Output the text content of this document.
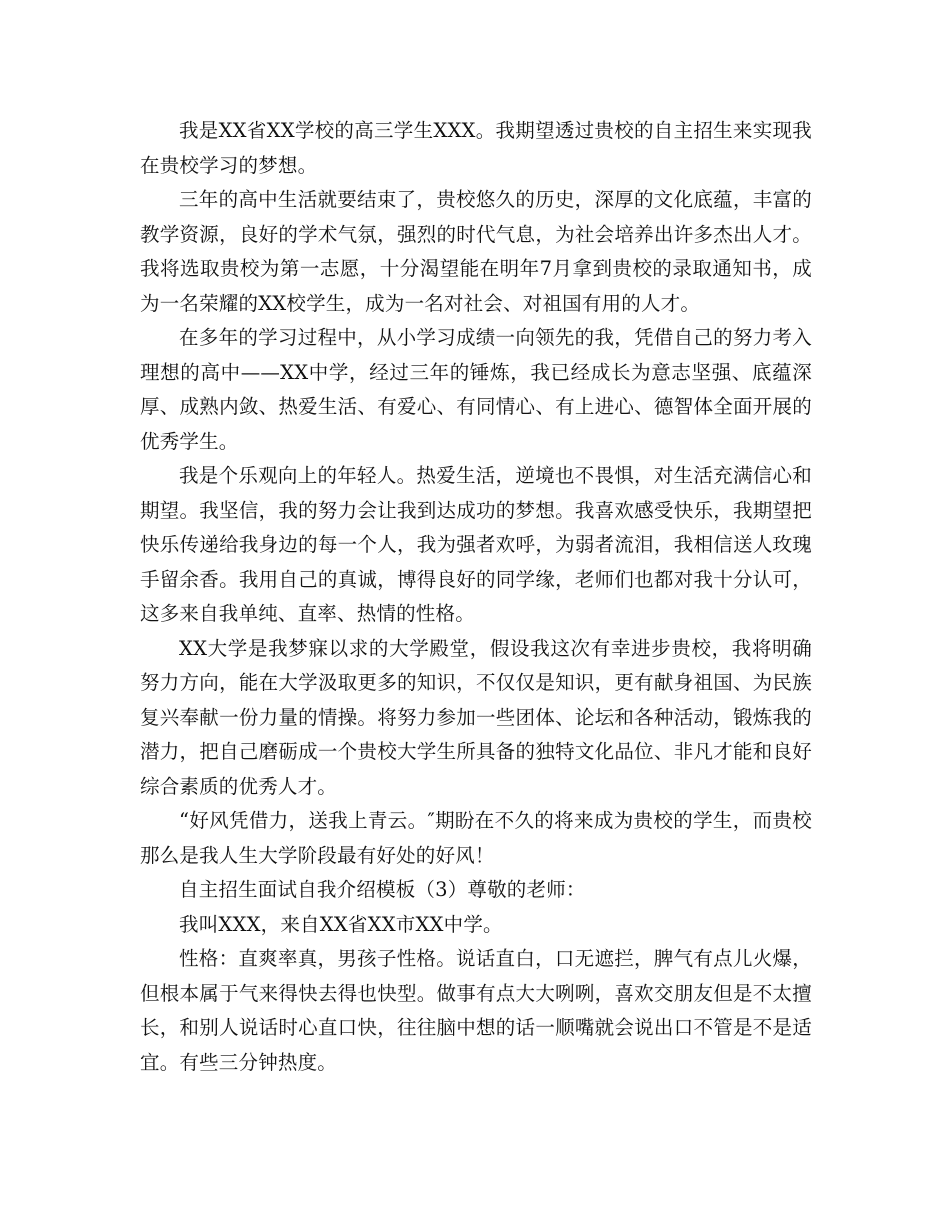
我是XX省XX学校的高三学生XXX。我期望透过贵校的自主招生来实现我在贵校学习的梦想。

三年的高中生活就要结束了，贵校悠久的历史，深厚的文化底蕴，丰富的教学资源，良好的学术气氛，强烈的时代气息，为社会培养出许多杰出人才。我将选取贵校为第一志愿，十分渴望能在明年7月拿到贵校的录取通知书，成为一名荣耀的XX校学生，成为一名对社会、对祖国有用的人才。

在多年的学习过程中，从小学习成绩一向领先的我，凭借自己的努力考入理想的高中——XX中学，经过三年的锤炼，我已经成长为意志坚强、底蕴深厚、成熟内敛、热爱生活、有爱心、有同情心、有上进心、德智体全面开展的优秀学生。

我是个乐观向上的年轻人。热爱生活，逆境也不畏惧，对生活充满信心和期望。我坚信，我的努力会让我到达成功的梦想。我喜欢感受快乐，我期望把快乐传递给我身边的每一个人，我为强者欢呼，为弱者流泪，我相信送人玫瑰手留余香。我用自己的真诚，博得良好的同学缘，老师们也都对我十分认可，这多来自我单纯、直率、热情的性格。

XX大学是我梦寐以求的大学殿堂，假设我这次有幸进步贵校，我将明确努力方向，能在大学汲取更多的知识，不仅仅是知识，更有献身祖国、为民族复兴奉献一份力量的情操。将努力参加一些团体、论坛和各种活动，锻炼我的潜力，把自己磨砺成一个贵校大学生所具备的独特文化品位、非凡才能和良好综合素质的优秀人才。

“好风凭借力，送我上青云。″期盼在不久的将来成为贵校的学生，而贵校那么是我人生大学阶段最有好处的好风！

自主招生面试自我介绍模板（3）尊敬的老师：

我叫XXX，来自XX省XX市XX中学。

性格：直爽率真，男孩子性格。说话直白，口无遮拦，脾气有点儿火爆，但根本属于气来得快去得也快型。做事有点大大咧咧，喜欢交朋友但是不太擅长，和别人说话时心直口快，往往脑中想的话一顺嘴就会说出口不管是不是适宜。有些三分钟热度。
